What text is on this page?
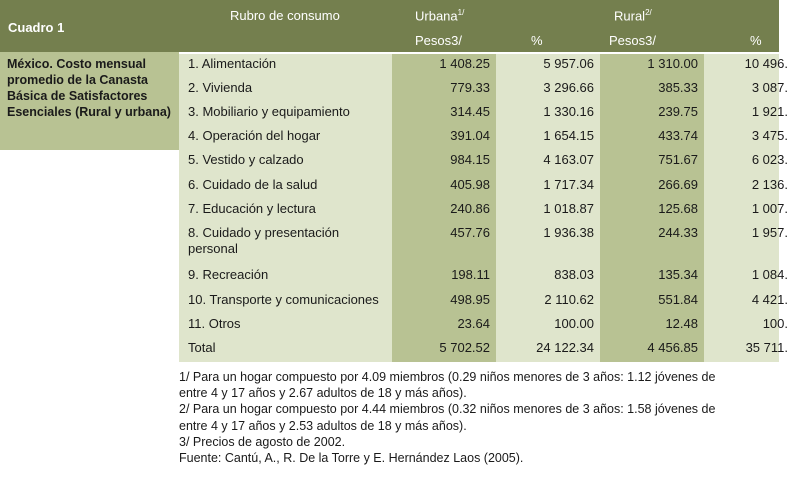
Cuadro 1
México. Costo mensual promedio de la Canasta Básica de Satisfactores Esenciales (Rural y urbana)
Rubro de consumo	Urbana$^{1/}$	Rural$^{2/}$
Pesos3/	%	Pesos3/	%
1. Alimentación	1 408.25	5 957.06	1 310.00	10 496.
2. Vivienda	779.33	3 296.66	385.33	3 087.
3. Mobiliario y equipamiento	314.45	1 330.16	239.75	1 921.
4. Operación del hogar	391.04	1 654.15	433.74	3 475.
5. Vestido y calzado	984.15	4 163.07	751.67	6 023.
6. Cuidado de la salud	405.98	1 717.34	266.69	2 136.
7. Educación y lectura	240.86	1 018.87	125.68	1 007.
8. Cuidado y presentación personal
457.76	1 936.38	244.33	1 957.
9. Recreación	198.11	838.03	135.34	1 084.
10. Transporte y comunicaciones	498.95	2 110.62	551.84	4 421.
11. Otros	23.64	100.00	12.48	100.
Total	5 702.52	24 122.34	4 456.85	35 711.

1/ Para un hogar compuesto por 4.09 miembros (0.29 niños menores de 3 años: 1.12 jóvenes de

entre 4 y 17 años y 2.67 adultos de 18 y más años).

2/ Para un hogar compuesto por 4.44 miembros (0.32 niños menores de 3 años: 1.58 jóvenes de

entre 4 y 17 años y 2.53 adultos de 18 y más años).

3/ Precios de agosto de 2002.

Fuente: Cantú, A., R. De la Torre y E. Hernández Laos (2005).
